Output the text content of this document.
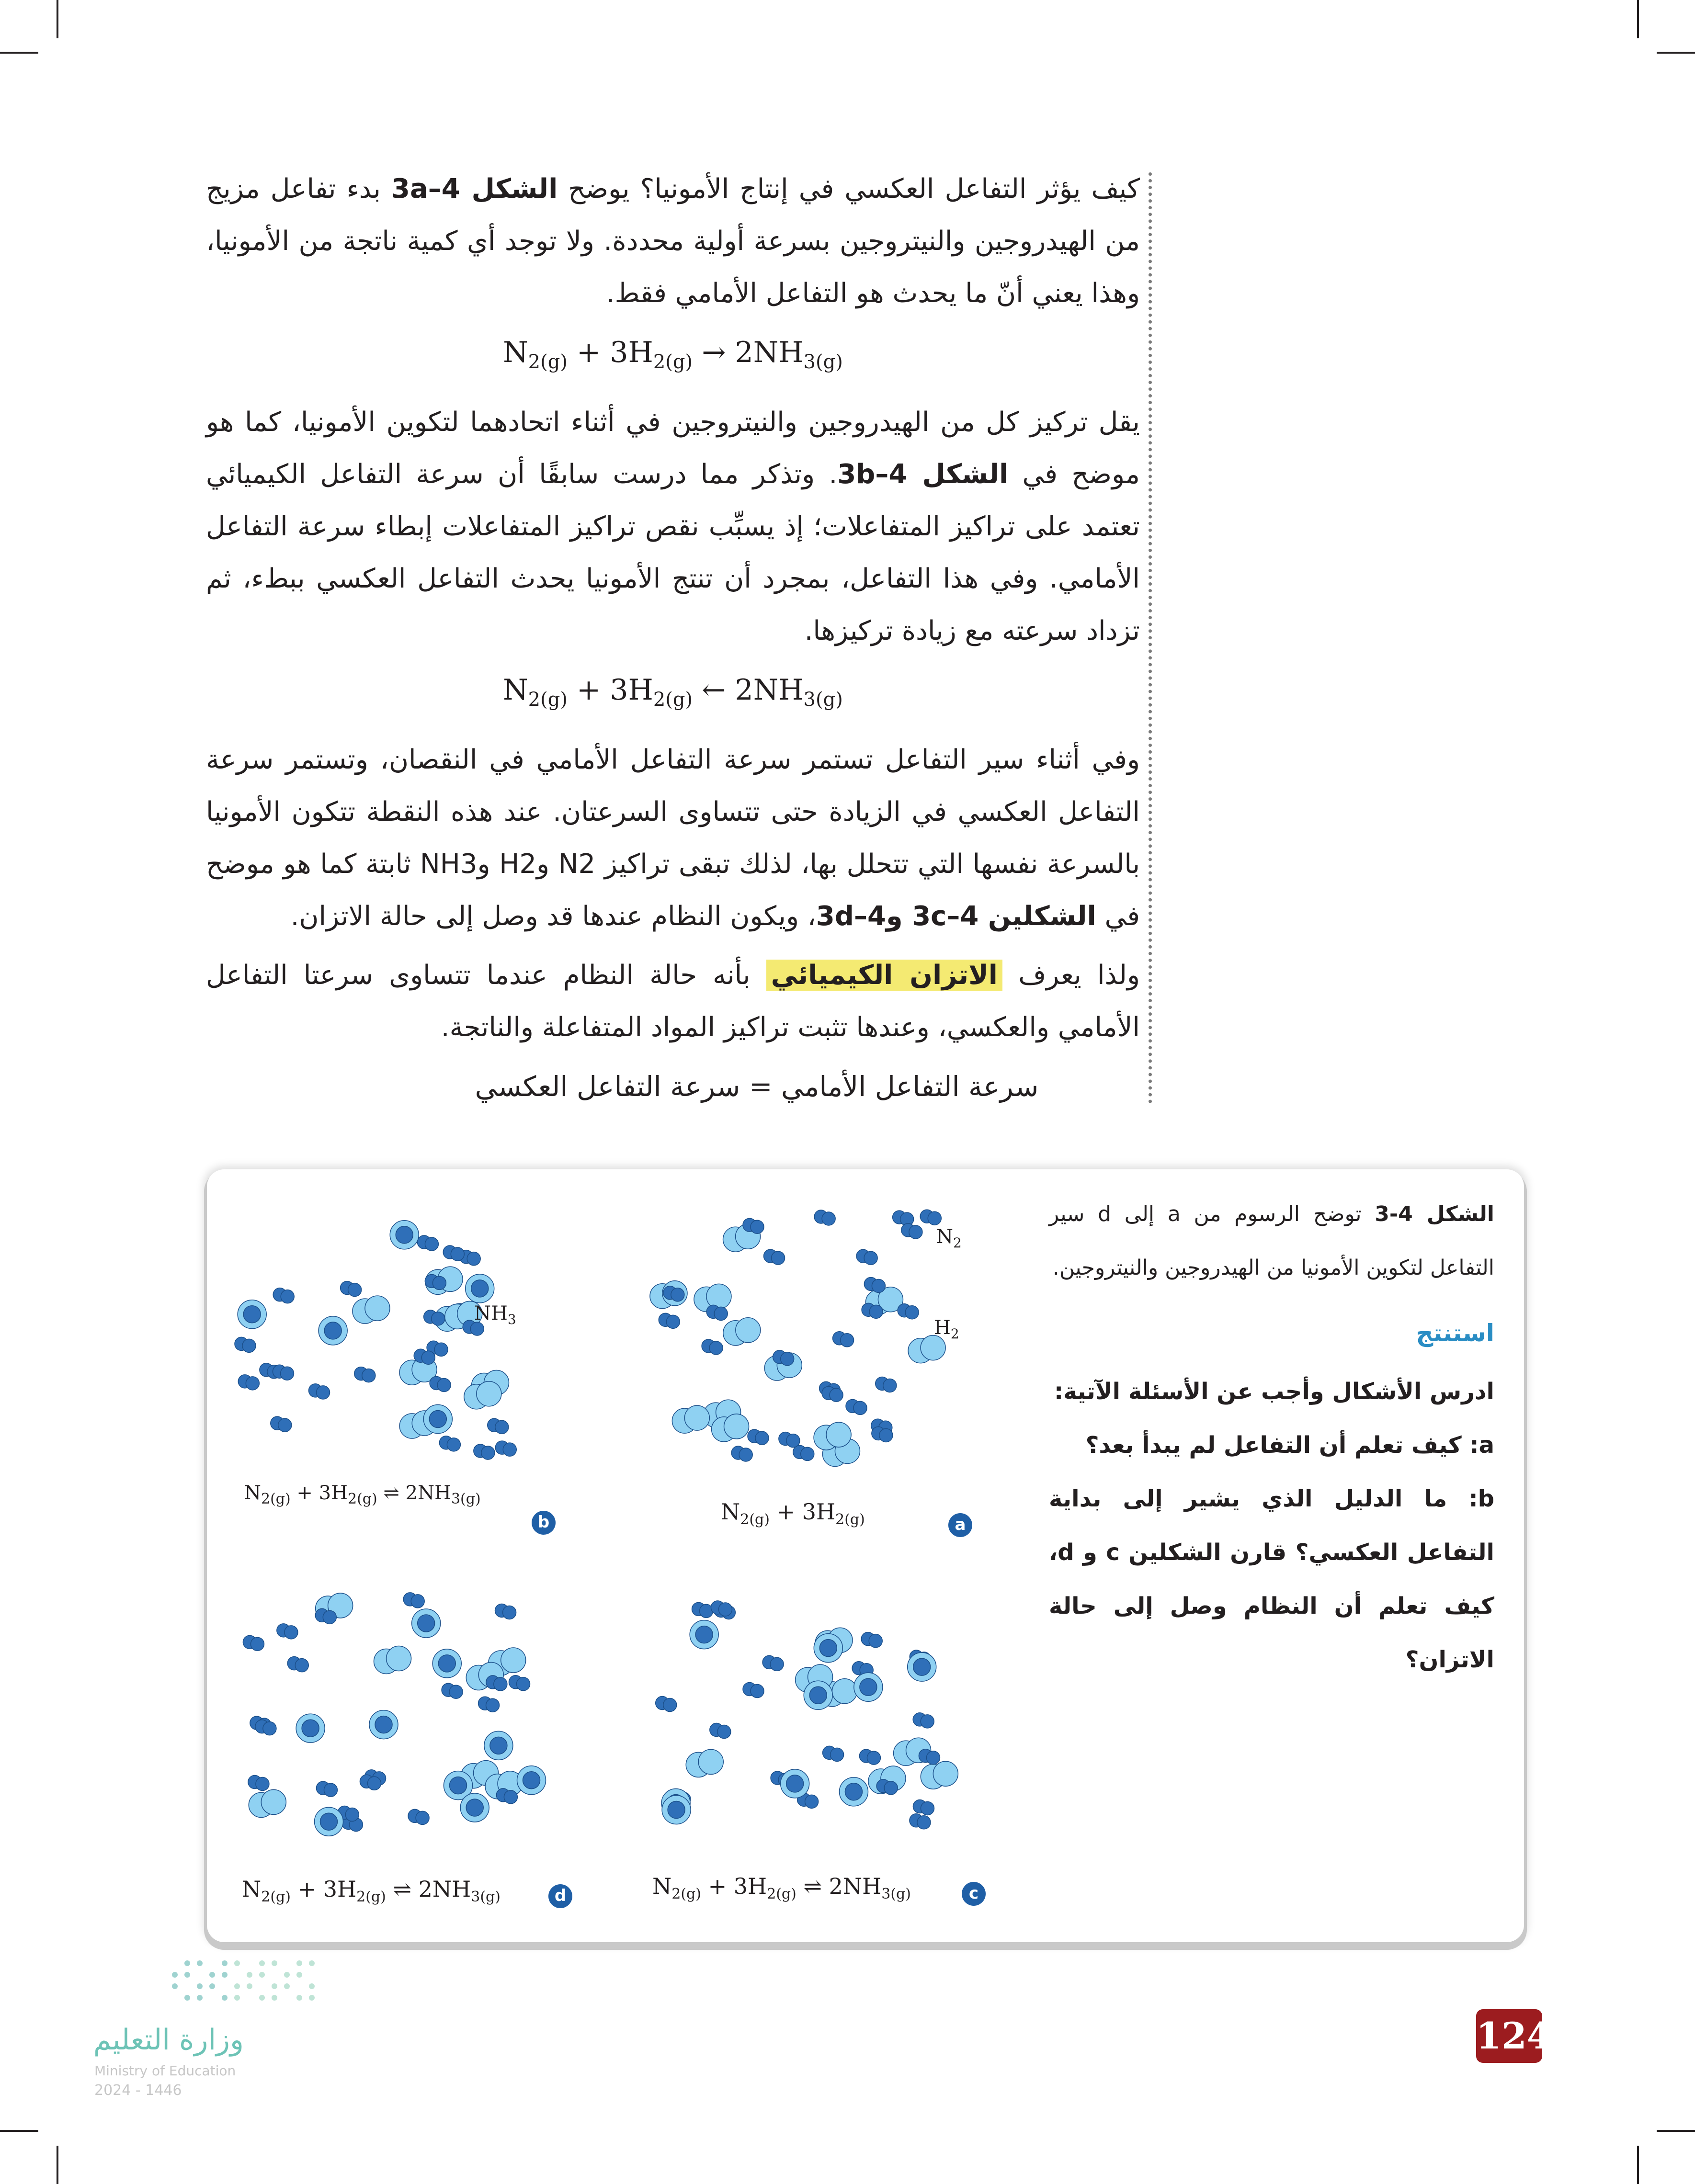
كيف يؤثر التفاعل العكسي في إنتاج الأمونيا؟ يوضح الشكل 4–3a بدء تفاعل مزيج من الهيدروجين والنيتروجين بسرعة أولية محددة. ولا توجد أي كمية ناتجة من الأمونيا، وهذا يعني أنّ ما يحدث هو التفاعل الأمامي فقط.

$N_{2(g)} + 3H_{2(g)} \to 2NH_{3(g)}$

يقل تركيز كل من الهيدروجين والنيتروجين في أثناء اتحادهما لتكوين الأمونيا، كما هو موضح في الشكل 4–3b. وتذكر مما درست سابقًا أن سرعة التفاعل الكيميائي تعتمد على تراكيز المتفاعلات؛ إذ يسبِّب نقص تراكيز المتفاعلات إبطاء سرعة التفاعل الأمامي. وفي هذا التفاعل، بمجرد أن تنتج الأمونيا يحدث التفاعل العكسي ببطء، ثم تزداد سرعته مع زيادة تركيزها.

$N_{2(g)} + 3H_{2(g)}$ ← $2NH_{3(g)}$

وفي أثناء سير التفاعل تستمر سرعة التفاعل الأمامي في النقصان، وتستمر سرعة التفاعل العكسي في الزيادة حتى تتساوى السرعتان. عند هذه النقطة تتكون الأمونيا بالسرعة نفسها التي تتحلل بها، لذلك تبقى تراكيز N2 وH2 وNH3 ثابتة كما هو موضح في الشكلين 4–3c و4–3d، ويكون النظام عندها قد وصل إلى حالة الاتزان.

ولذا يعرف الاتزان الكيميائي بأنه حالة النظام عندما تتساوى سرعتا التفاعل الأمامي والعكسي، وعندها تثبت تراكيز المواد المتفاعلة والناتجة.

سرعة التفاعل الأمامي = سرعة التفاعل العكسي
الشكل 4-3 توضح الرسوم من a إلى d سير التفاعل لتكوين الأمونيا من الهيدروجين والنيتروجين.
استنتج
ادرس الأشكال وأجب عن الأسئلة الآتية:
a: كيف تعلم أن التفاعل لم يبدأ بعد؟
b: ما الدليل الذي يشير إلى بداية التفاعل العكسي؟ قارن الشكلين c و d، كيف تعلم أن النظام وصل إلى حالة الاتزان؟
$N_2$
$H_2$
$N_{2(g)} + 3H_{2(g)}$	a
$NH_3$
$N_{2(g)} + 3H_{2(g)}$ ⇌ $2NH_{3(g)}$
b
$N_{2(g)} + 3H_{2(g)}$ ⇌ $2NH_{3(g)}$	c
$N_{2(g)} + 3H_{2(g)}$ ⇌ $2NH_{3(g)}$	d
وزارة التعليم
Ministry of Education
2024 - 1446
124
